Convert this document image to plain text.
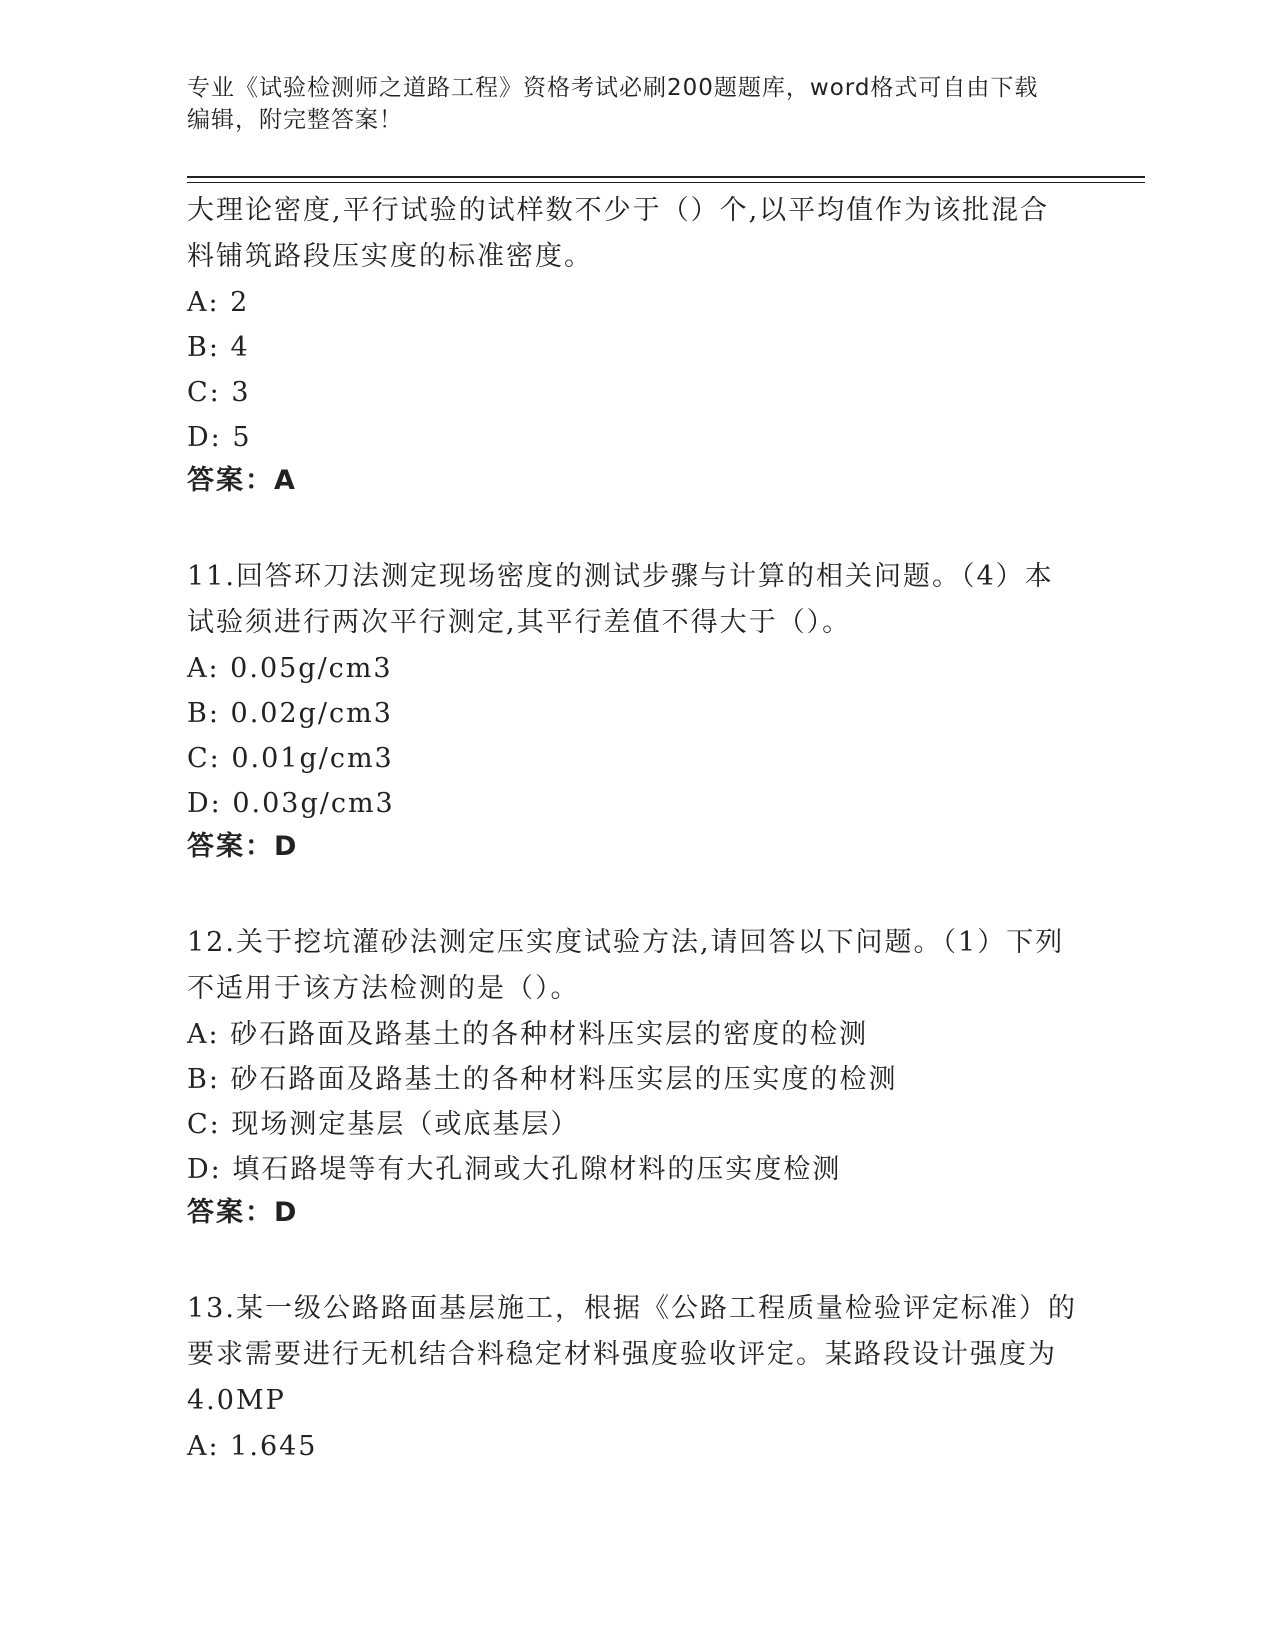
专业《试验检测师之道路工程》资格考试必刷200题题库，word格式可自由下载
编辑，附完整答案！

大理论密度,平行试验的试样数不少于（）个,以平均值作为该批混合

料铺筑路段压实度的标准密度。

A: 2

B: 4

C: 3

D: 5

答案：A

11.回答环刀法测定现场密度的测试步骤与计算的相关问题。（4）本

试验须进行两次平行测定,其平行差值不得大于（）。

A: 0.05g/cm3

B: 0.02g/cm3

C: 0.01g/cm3

D: 0.03g/cm3

答案：D

12.关于挖坑灌砂法测定压实度试验方法,请回答以下问题。（1）下列

不适用于该方法检测的是（）。

A: 砂石路面及路基土的各种材料压实层的密度的检测

B: 砂石路面及路基土的各种材料压实层的压实度的检测

C: 现场测定基层（或底基层）

D: 填石路堤等有大孔洞或大孔隙材料的压实度检测

答案：D

13.某一级公路路面基层施工，根据《公路工程质量检验评定标准）的

要求需要进行无机结合料稳定材料强度验收评定。某路段设计强度为

4.0MP

A: 1.645
